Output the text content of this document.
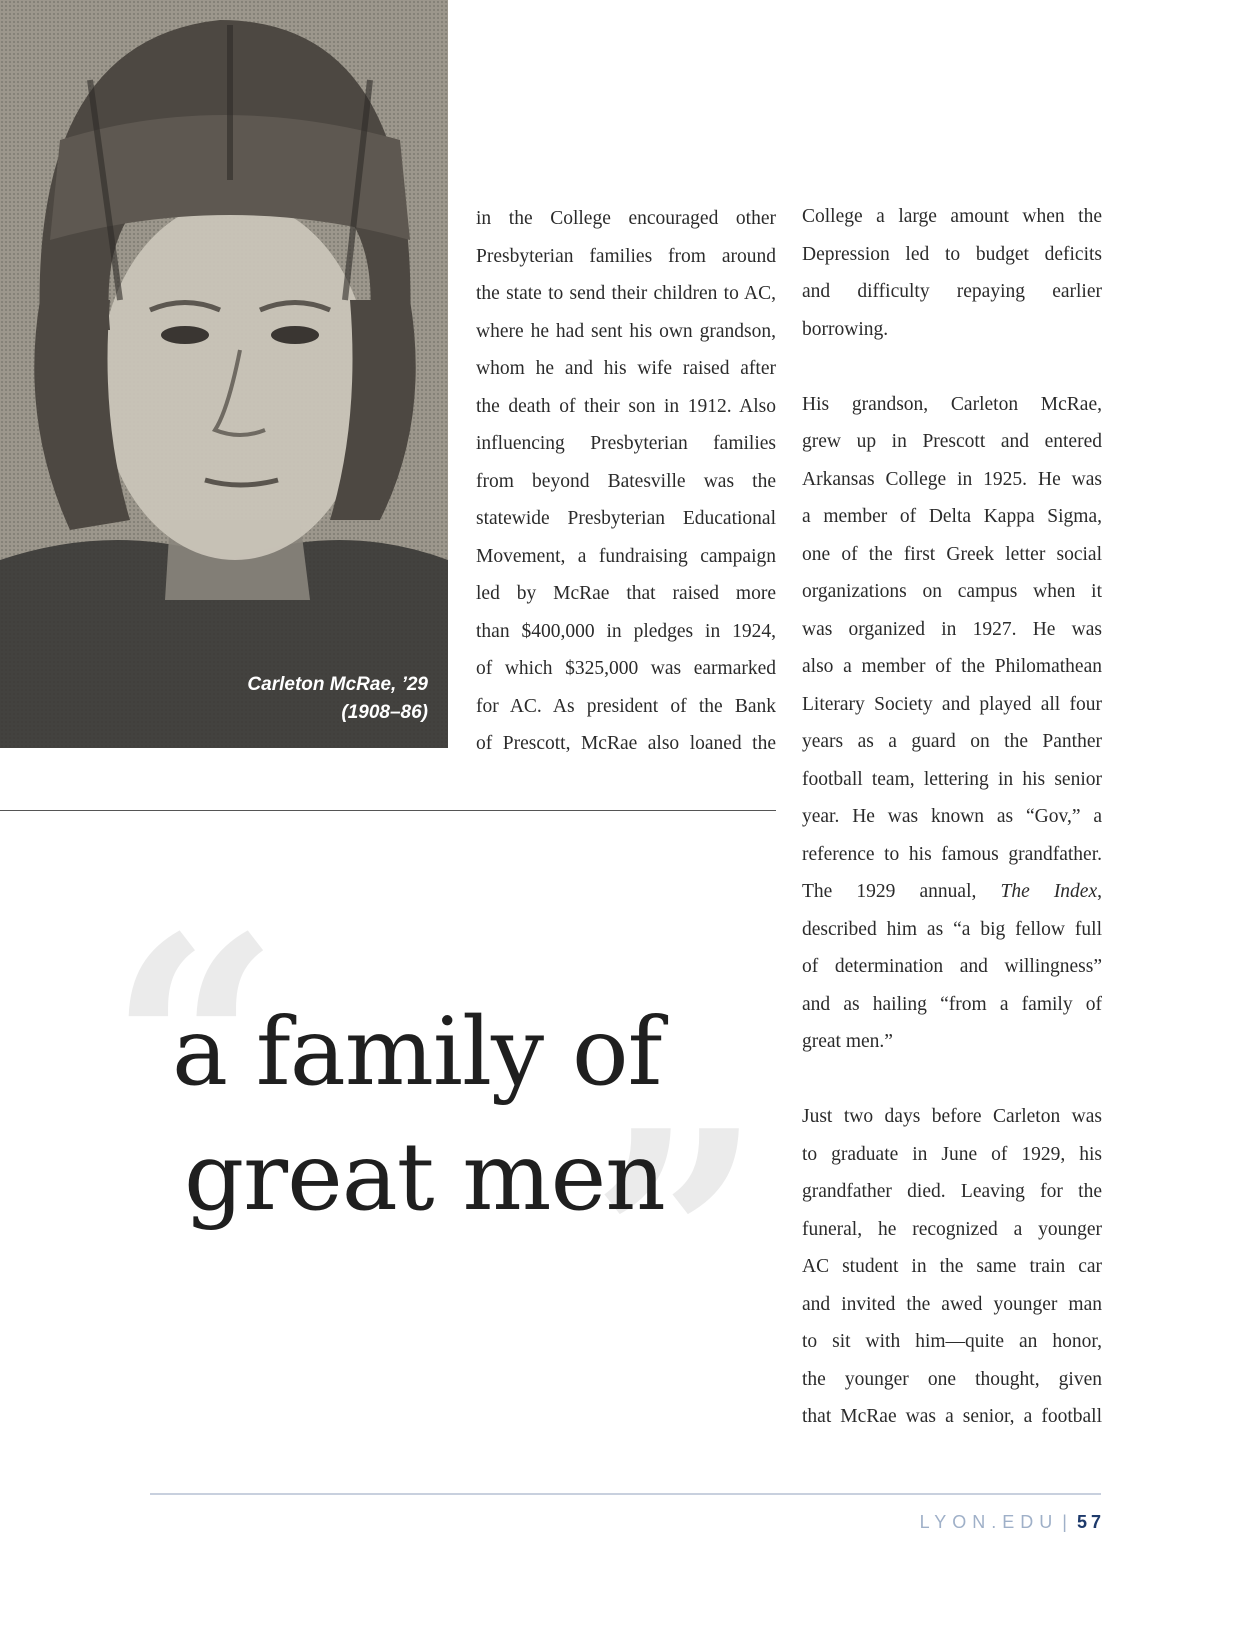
Carleton McRae, ’29
(1908–86)

in the College encouraged other

Presbyterian families from around

the state to send their children to AC,

where he had sent his own grandson,

whom he and his wife raised after

the death of their son in 1912. Also

influencing Presbyterian families

from beyond Batesville was the

statewide Presbyterian Educational

Movement, a fundraising campaign

led by McRae that raised more

than $400,000 in pledges in 1924,

of which $325,000 was earmarked

for AC. As president of the Bank

of Prescott, McRae also loaned the

College a large amount when the

Depression led to budget deficits

and difficulty repaying earlier

borrowing.

His grandson, Carleton McRae,

grew up in Prescott and entered

Arkansas College in 1925. He was

a member of Delta Kappa Sigma,

one of the first Greek letter social

organizations on campus when it

was organized in 1927. He was

also a member of the Philomathean

Literary Society and played all four

years as a guard on the Panther

football team, lettering in his senior

year. He was known as “Gov,” a

reference to his famous grandfather.

The 1929 annual, The Index,

described him as “a big fellow full

of determination and willingness”

and as hailing “from a family of

great men.”

Just two days before Carleton was

to graduate in June of 1929, his

grandfather died. Leaving for the

funeral, he recognized a younger

AC student in the same train car

and invited the awed younger man

to sit with him—quite an honor,

the younger one thought, given

that McRae was a senior, a football

“
”
a family of
great men
LYON.EDU | 57
